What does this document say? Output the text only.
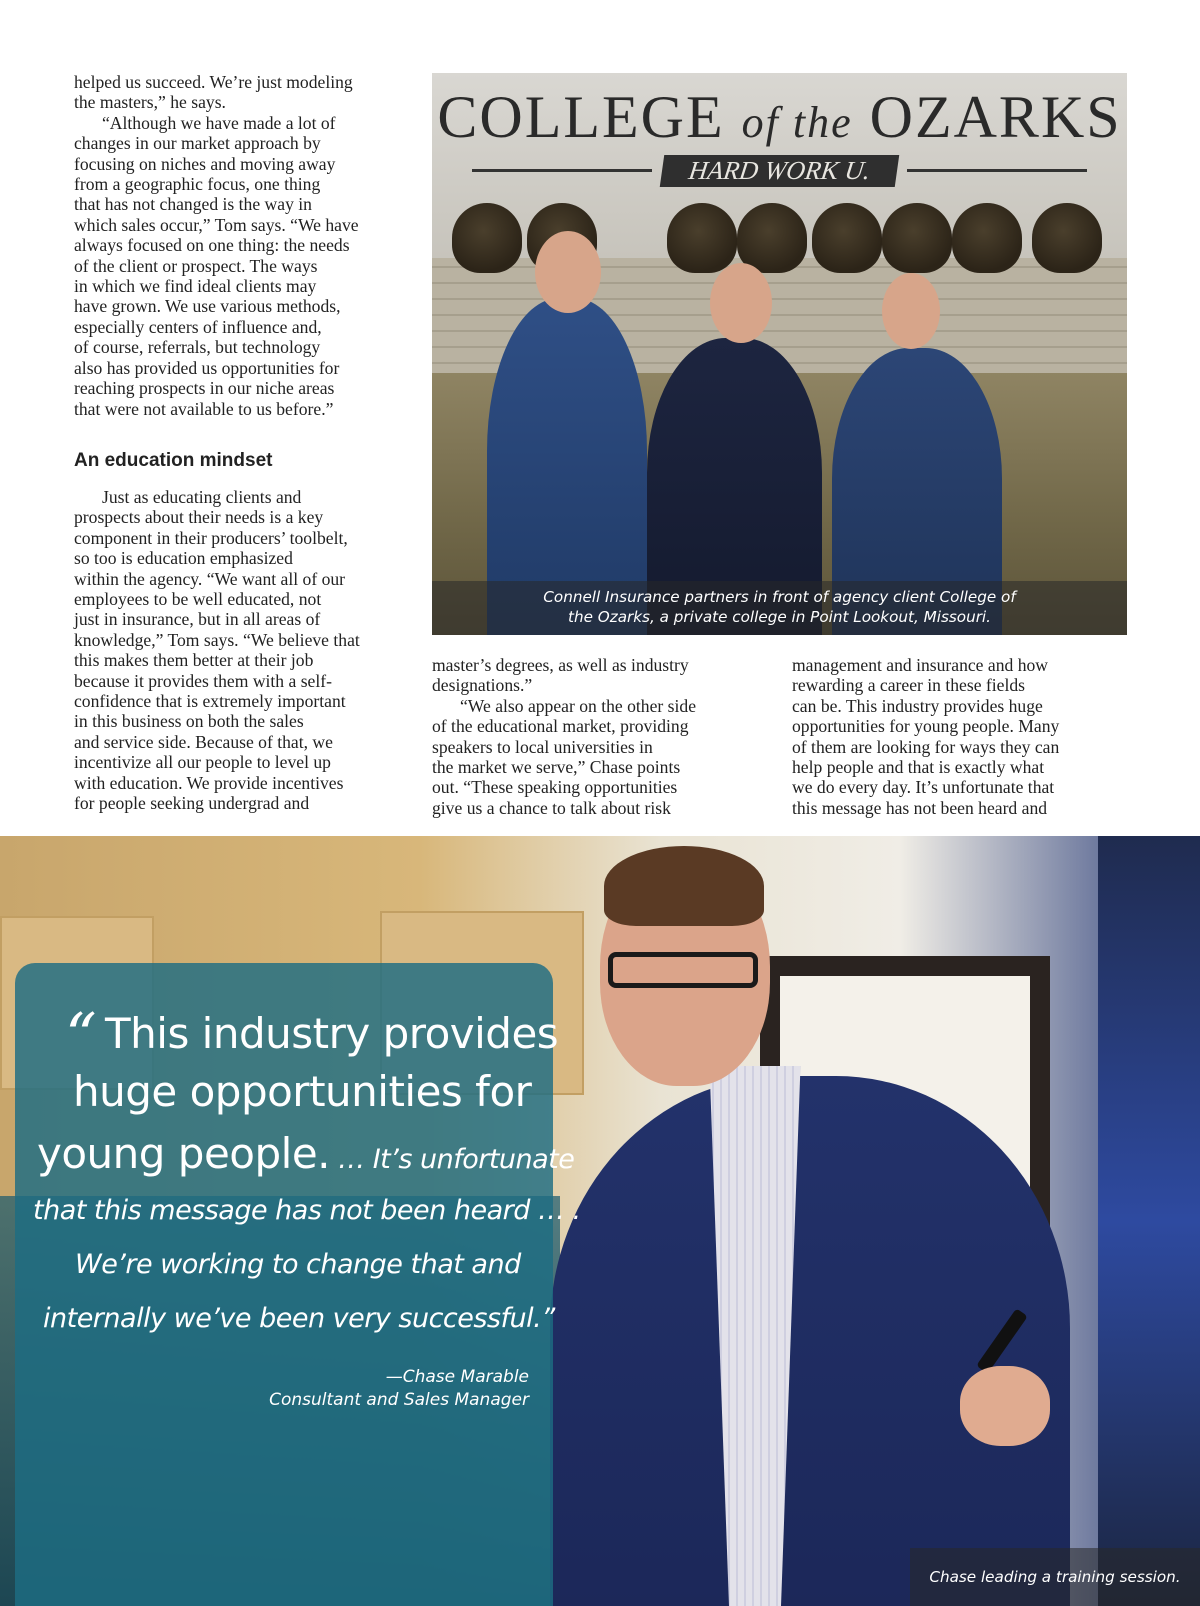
helped us succeed. We’re just modeling
the masters,” he says.
“Although we have made a lot of
changes in our market approach by
focusing on niches and moving away
from a geographic focus, one thing
that has not changed is the way in
which sales occur,” Tom says. “We have
always focused on one thing: the needs
of the client or prospect. The ways
in which we find ideal clients may
have grown. We use various methods,
especially centers of influence and,
of course, referrals, but technology
also has provided us opportunities for
reaching prospects in our niche areas
that were not available to us before.”
An education mindset
Just as educating clients and
prospects about their needs is a key
component in their producers’ toolbelt,
so too is education emphasized
within the agency. “We want all of our
employees to be well educated, not
just in insurance, but in all areas of
knowledge,” Tom says. “We believe that
this makes them better at their job
because it provides them with a self-
confidence that is extremely important
in this business on both the sales
and service side. Because of that, we
incentivize all our people to level up
with education. We provide incentives
for people seeking undergrad and
master’s degrees, as well as industry
designations.”
“We also appear on the other side
of the educational market, providing
speakers to local universities in
the market we serve,” Chase points
out. “These speaking opportunities
give us a chance to talk about risk
management and insurance and how
rewarding a career in these fields
can be. This industry provides huge
opportunities for young people. Many
of them are looking for ways they can
help people and that is exactly what
we do every day. It’s unfortunate that
this message has not been heard and
COLLEGE of the OZARKS
HARD WORK U.
Connell Insurance partners in front of agency client College of
the Ozarks, a private college in Point Lookout, Missouri.
“ This industry provides
huge opportunities for
young people. … It’s unfortunate
that this message has not been heard … .
We’re working to change that and
internally we’ve been very successful.”
—Chase Marable
Consultant and Sales Manager
Chase leading a training session.
